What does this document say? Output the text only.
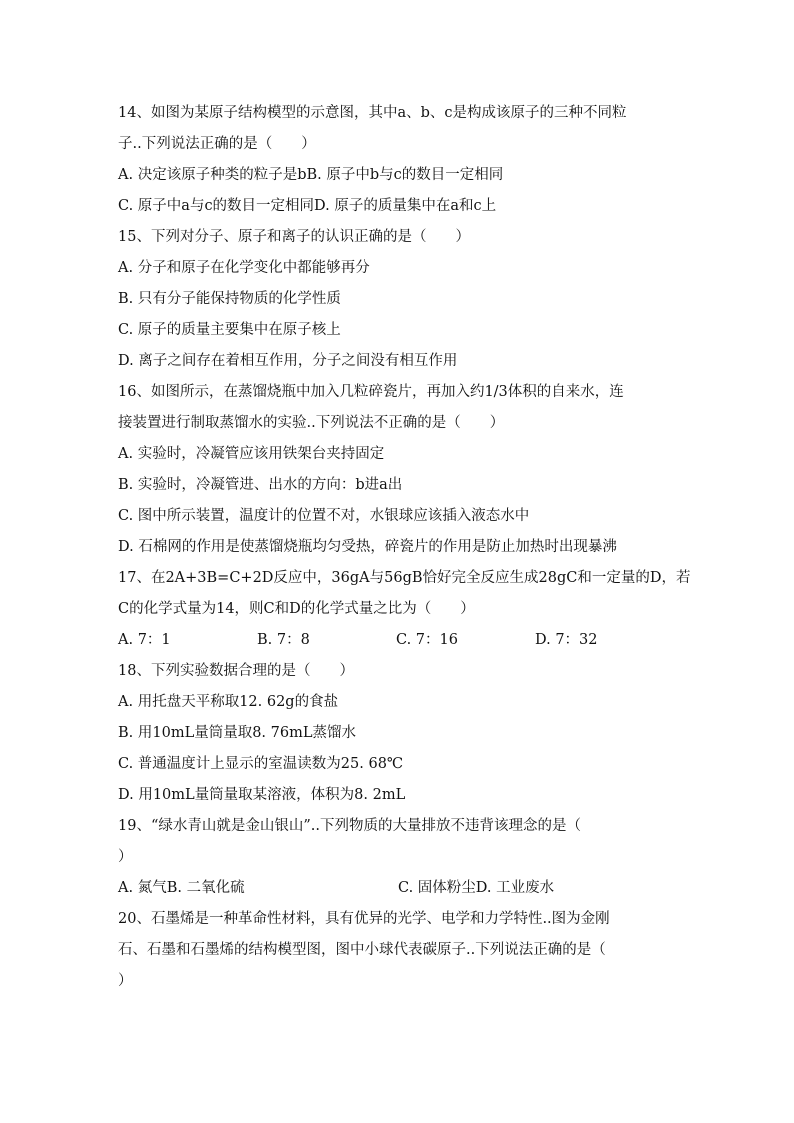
14、如图为某原子结构模型的示意图，其中a、b、c是构成该原子的三种不同粒
子..下列说法正确的是（　　）
A. 决定该原子种类的粒子是bB. 原子中b与c的数目一定相同
C. 原子中a与c的数目一定相同D. 原子的质量集中在a和c上
15、下列对分子、原子和离子的认识正确的是（　　）
A. 分子和原子在化学变化中都能够再分
B. 只有分子能保持物质的化学性质
C. 原子的质量主要集中在原子核上
D. 离子之间存在着相互作用，分子之间没有相互作用
16、如图所示，在蒸馏烧瓶中加入几粒碎瓷片，再加入约1/3体积的自来水，连
接装置进行制取蒸馏水的实验..下列说法不正确的是（　　）
A. 实验时，冷凝管应该用铁架台夹持固定
B. 实验时，冷凝管进、出水的方向：b进a出
C. 图中所示装置，温度计的位置不对，水银球应该插入液态水中
D. 石棉网的作用是使蒸馏烧瓶均匀受热，碎瓷片的作用是防止加热时出现暴沸
17、在2A+3B=C+2D反应中，36gA与56gB恰好完全反应生成28gC和一定量的D，若
C的化学式量为14，则C和D的化学式量之比为（　　）
A. 7：1	B. 7：8	C. 7：16	D. 7：32
18、下列实验数据合理的是（　　）
A. 用托盘天平称取12. 62g的食盐
B. 用10mL量筒量取8. 76mL蒸馏水
C. 普通温度计上显示的室温读数为25. 68℃
D. 用10mL量筒量取某溶液，体积为8. 2mL
19、“绿水青山就是金山银山”..下列物质的大量排放不违背该理念的是（
）
A. 氮气B. 二氧化硫	C. 固体粉尘D. 工业废水
20、石墨烯是一种革命性材料，具有优异的光学、电学和力学特性..图为金刚
石、石墨和石墨烯的结构模型图，图中小球代表碳原子..下列说法正确的是（
）
